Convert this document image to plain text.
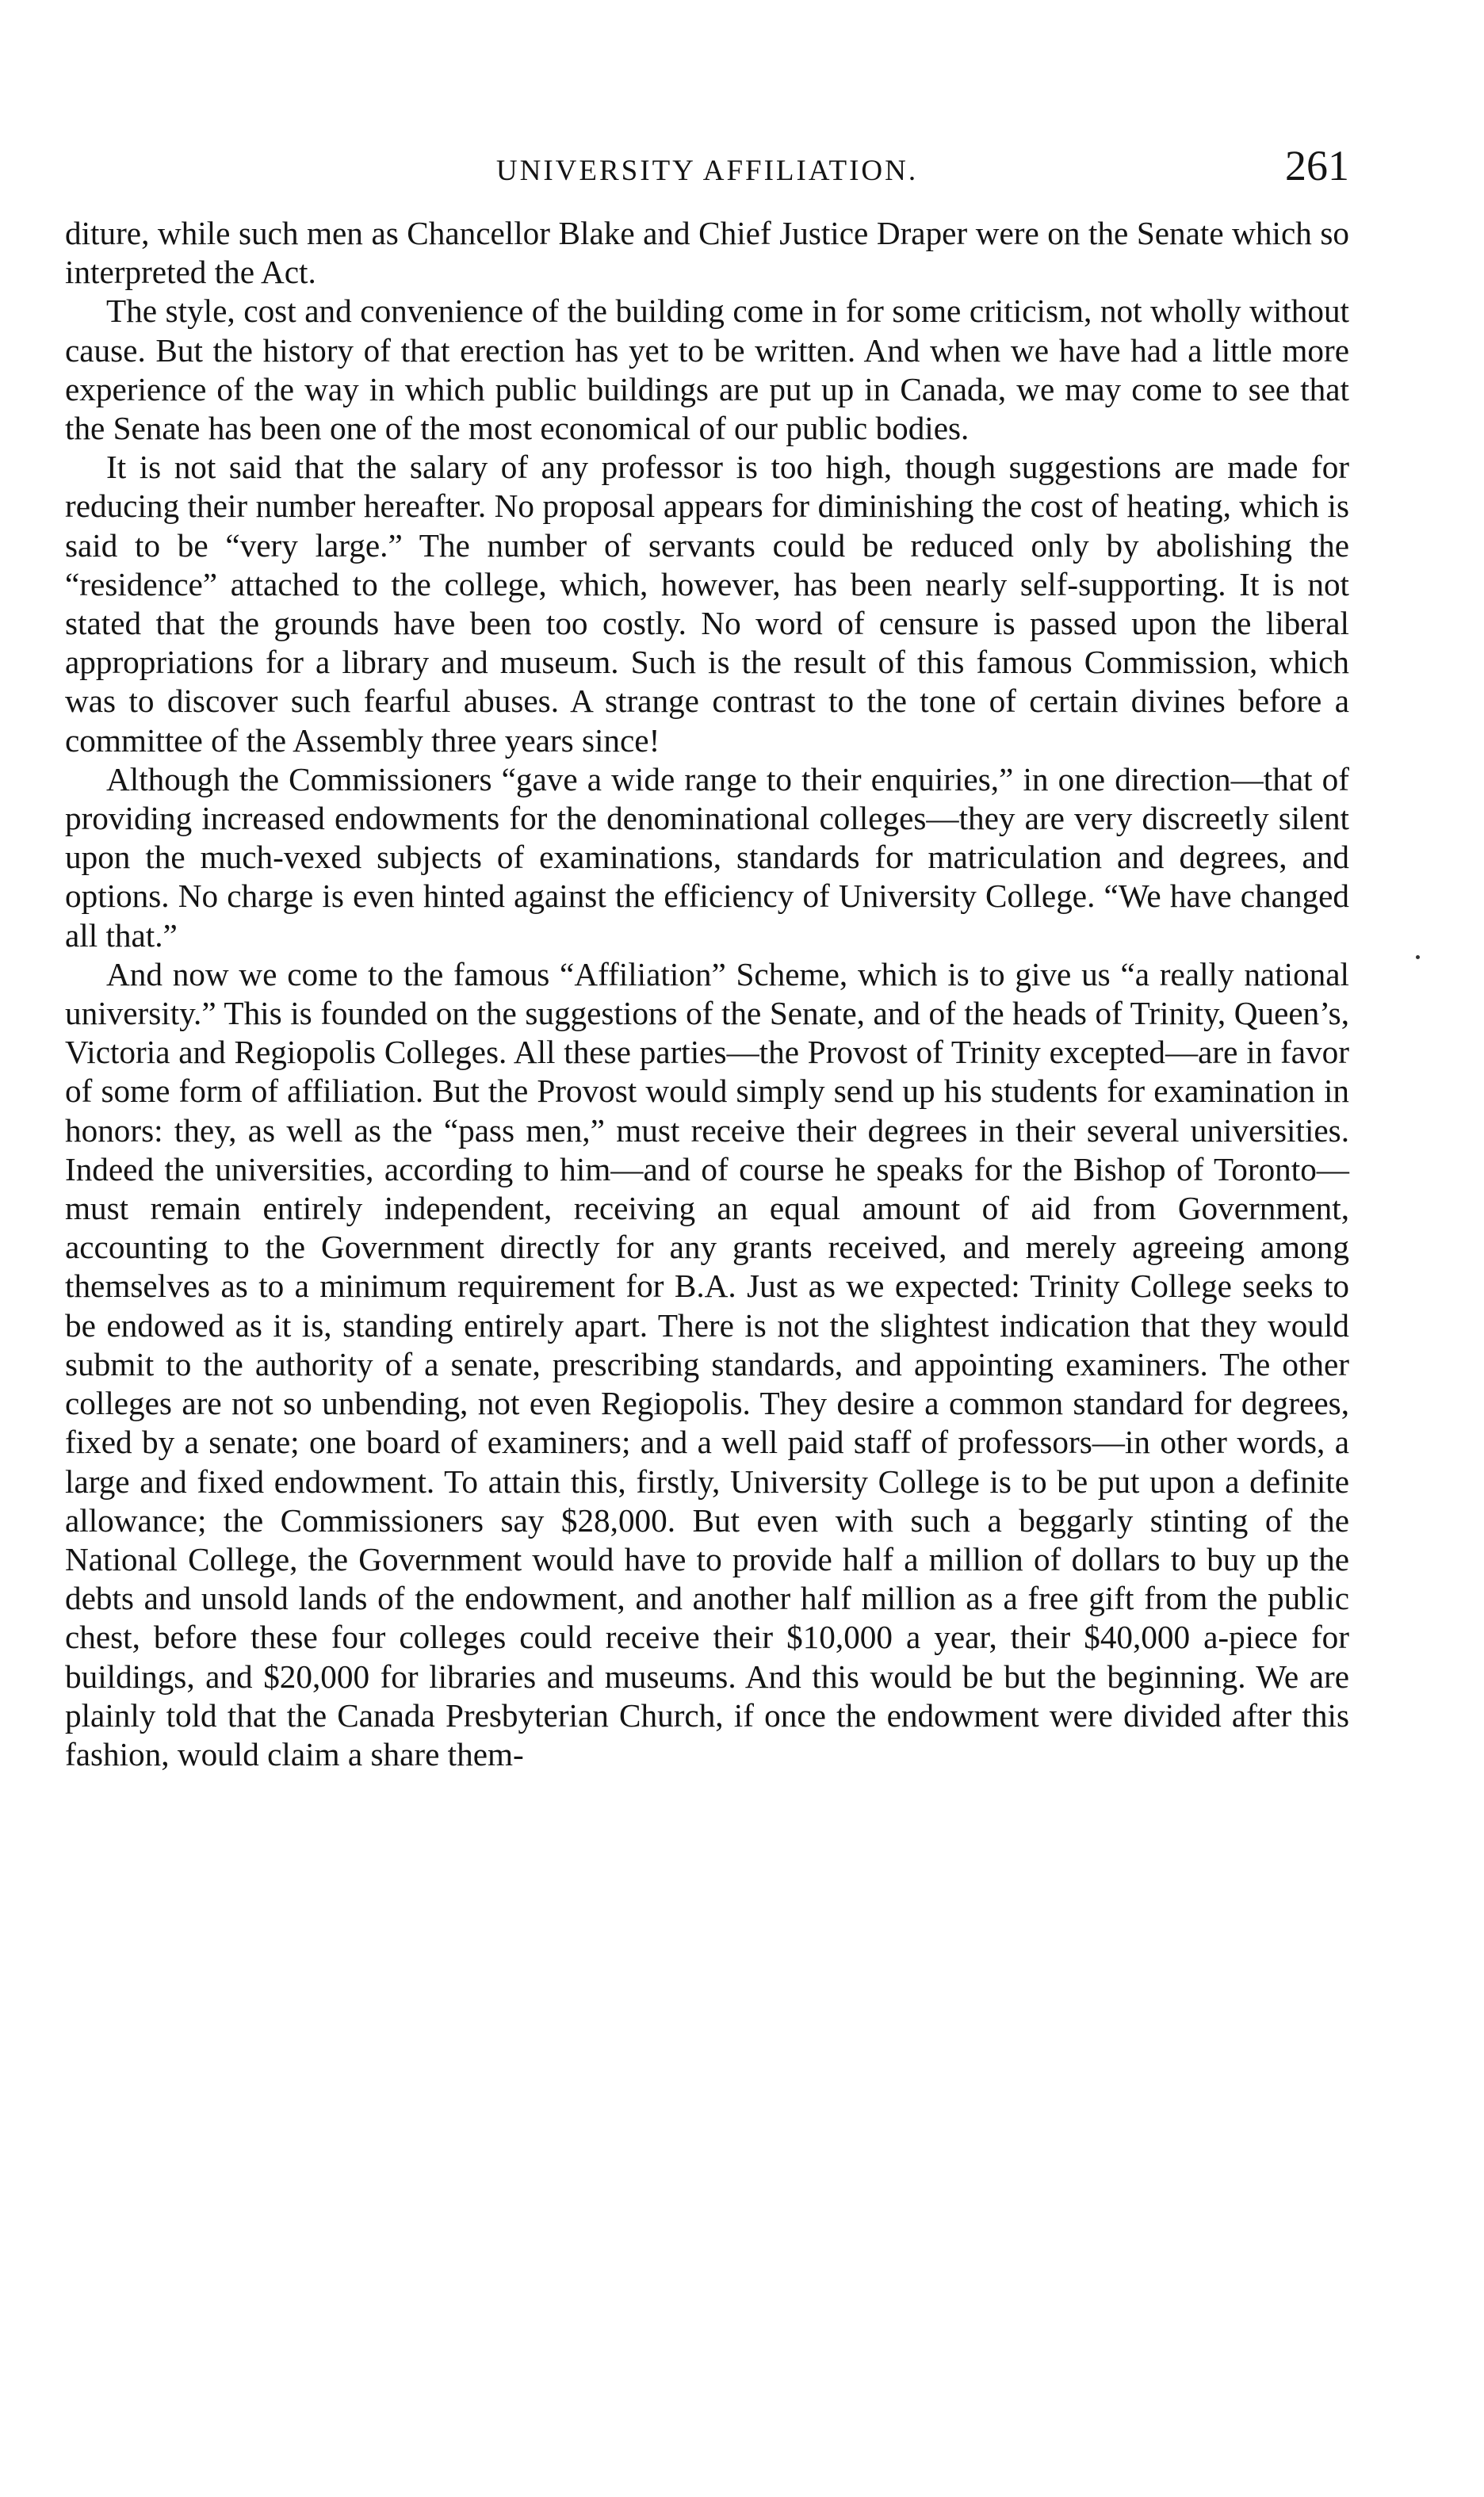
UNIVERSITY AFFILIATION.	261

diture, while such men as Chancellor Blake and Chief Justice Draper were on the Senate which so interpreted the Act.

The style, cost and convenience of the building come in for some criticism, not wholly without cause. But the history of that erection has yet to be written. And when we have had a little more experience of the way in which public buildings are put up in Canada, we may come to see that the Senate has been one of the most economical of our public bodies.

It is not said that the salary of any professor is too high, though suggestions are made for reducing their number hereafter. No proposal appears for diminishing the cost of heating, which is said to be “very large.” The number of servants could be reduced only by abolishing the “residence” attached to the college, which, however, has been nearly self-supporting. It is not stated that the grounds have been too costly. No word of censure is passed upon the liberal appropriations for a library and museum. Such is the result of this famous Commission, which was to discover such fearful abuses. A strange contrast to the tone of certain divines before a committee of the Assembly three years since!

Although the Commissioners “gave a wide range to their enquiries,” in one direction—that of providing increased endowments for the denominational colleges—they are very discreetly silent upon the much-vexed subjects of examinations, standards for matriculation and degrees, and options. No charge is even hinted against the efficiency of University College. “We have changed all that.”

And now we come to the famous “Affiliation” Scheme, which is to give us “a really national university.” This is founded on the suggestions of the Senate, and of the heads of Trinity, Queen’s, Victoria and Regiopolis Colleges. All these parties—the Provost of Trinity excepted—are in favor of some form of affiliation. But the Provost would simply send up his students for examination in honors: they, as well as the “pass men,” must receive their degrees in their several universities. Indeed the universities, according to him—and of course he speaks for the Bishop of Toronto—must remain entirely independent, receiving an equal amount of aid from Government, accounting to the Government directly for any grants received, and merely agreeing among themselves as to a minimum requirement for B.A. Just as we expected: Trinity College seeks to be endowed as it is, standing entirely apart. There is not the slightest indication that they would submit to the authority of a senate, prescribing standards, and appointing examiners. The other colleges are not so unbending, not even Regiopolis. They desire a common standard for degrees, fixed by a senate; one board of examiners; and a well paid staff of professors—in other words, a large and fixed endowment. To attain this, firstly, University College is to be put upon a definite allowance; the Commissioners say $28,000. But even with such a beggarly stinting of the National College, the Government would have to provide half a million of dollars to buy up the debts and unsold lands of the endowment, and another half million as a free gift from the public chest, before these four colleges could receive their $10,000 a year, their $40,000 a-piece for buildings, and $20,000 for libraries and museums. And this would be but the beginning. We are plainly told that the Canada Presbyterian Church, if once the endowment were divided after this fashion, would claim a share them-
